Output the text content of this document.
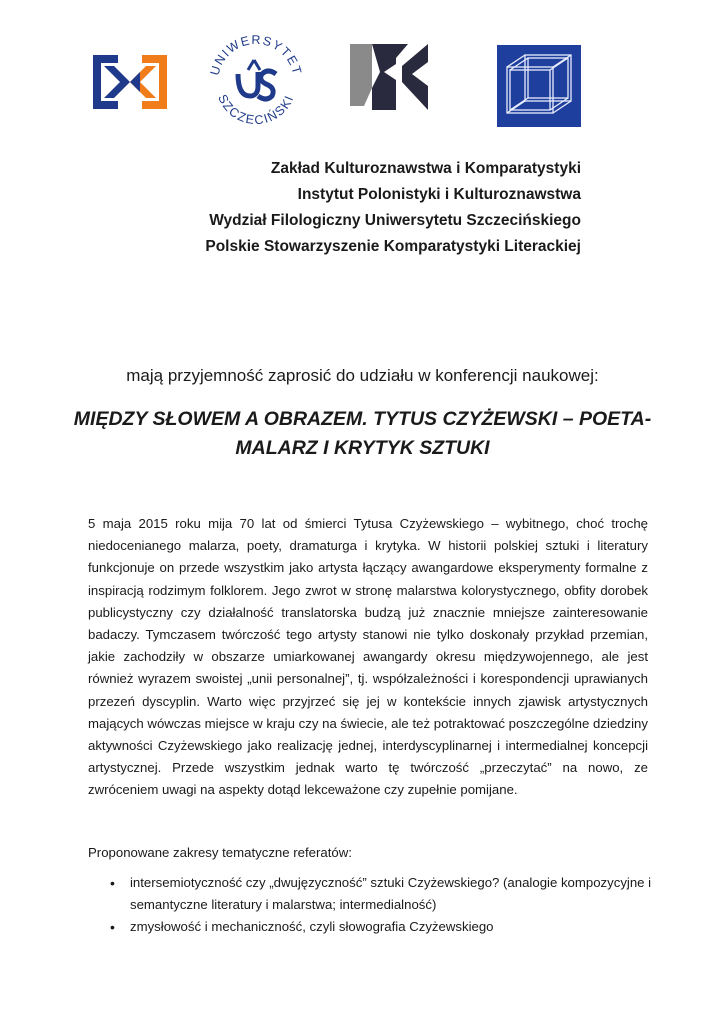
UNIWERSYTET
SZCZECIŃSKI
Zakład Kulturoznawstwa i Komparatystyki
Instytut Polonistyki i Kulturoznawstwa
Wydział Filologiczny Uniwersytetu Szczecińskiego
Polskie Stowarzyszenie Komparatystyki Literackiej
mają przyjemność zaprosić do udziału w konferencji naukowej:
MIĘDZY SŁOWEM A OBRAZEM. TYTUS CZYŻEWSKI – POETA-
MALARZ I KRYTYK SZTUKI

5 maja 2015 roku mija 70 lat od śmierci Tytusa Czyżewskiego – wybitnego, choć trochę niedocenianego malarza, poety, dramaturga i krytyka. W historii polskiej sztuki i literatury funkcjonuje on przede wszystkim jako artysta łączący awangardowe eksperymenty formalne z inspiracją rodzimym folklorem. Jego zwrot w stronę malarstwa kolorystycznego, obfity dorobek publicystyczny czy działalność translatorska budzą już znacznie mniejsze zainteresowanie badaczy. Tymczasem twórczość tego artysty stanowi nie tylko doskonały przykład przemian, jakie zachodziły w obszarze umiarkowanej awangardy okresu międzywojennego, ale jest również wyrazem swoistej „unii personalnej”, tj. współzależności i korespondencji uprawianych przezeń dyscyplin. Warto więc przyjrzeć się jej w kontekście innych zjawisk artystycznych mających wówczas miejsce w kraju czy na świecie, ale też potraktować poszczególne dziedziny aktywności Czyżewskiego jako realizację jednej, interdyscyplinarnej i intermedialnej koncepcji artystycznej. Przede wszystkim jednak warto tę twórczość „przeczytać” na nowo, ze zwróceniem uwagi na aspekty dotąd lekceważone czy zupełnie pomijane.

Proponowane zakresy tematyczne referatów:
• intersemiotyczność czy „dwujęzyczność” sztuki Czyżewskiego? (analogie kompozycyjne i semantyczne literatury i malarstwa; intermedialność)
• zmysłowość i mechaniczność, czyli słowografia Czyżewskiego
